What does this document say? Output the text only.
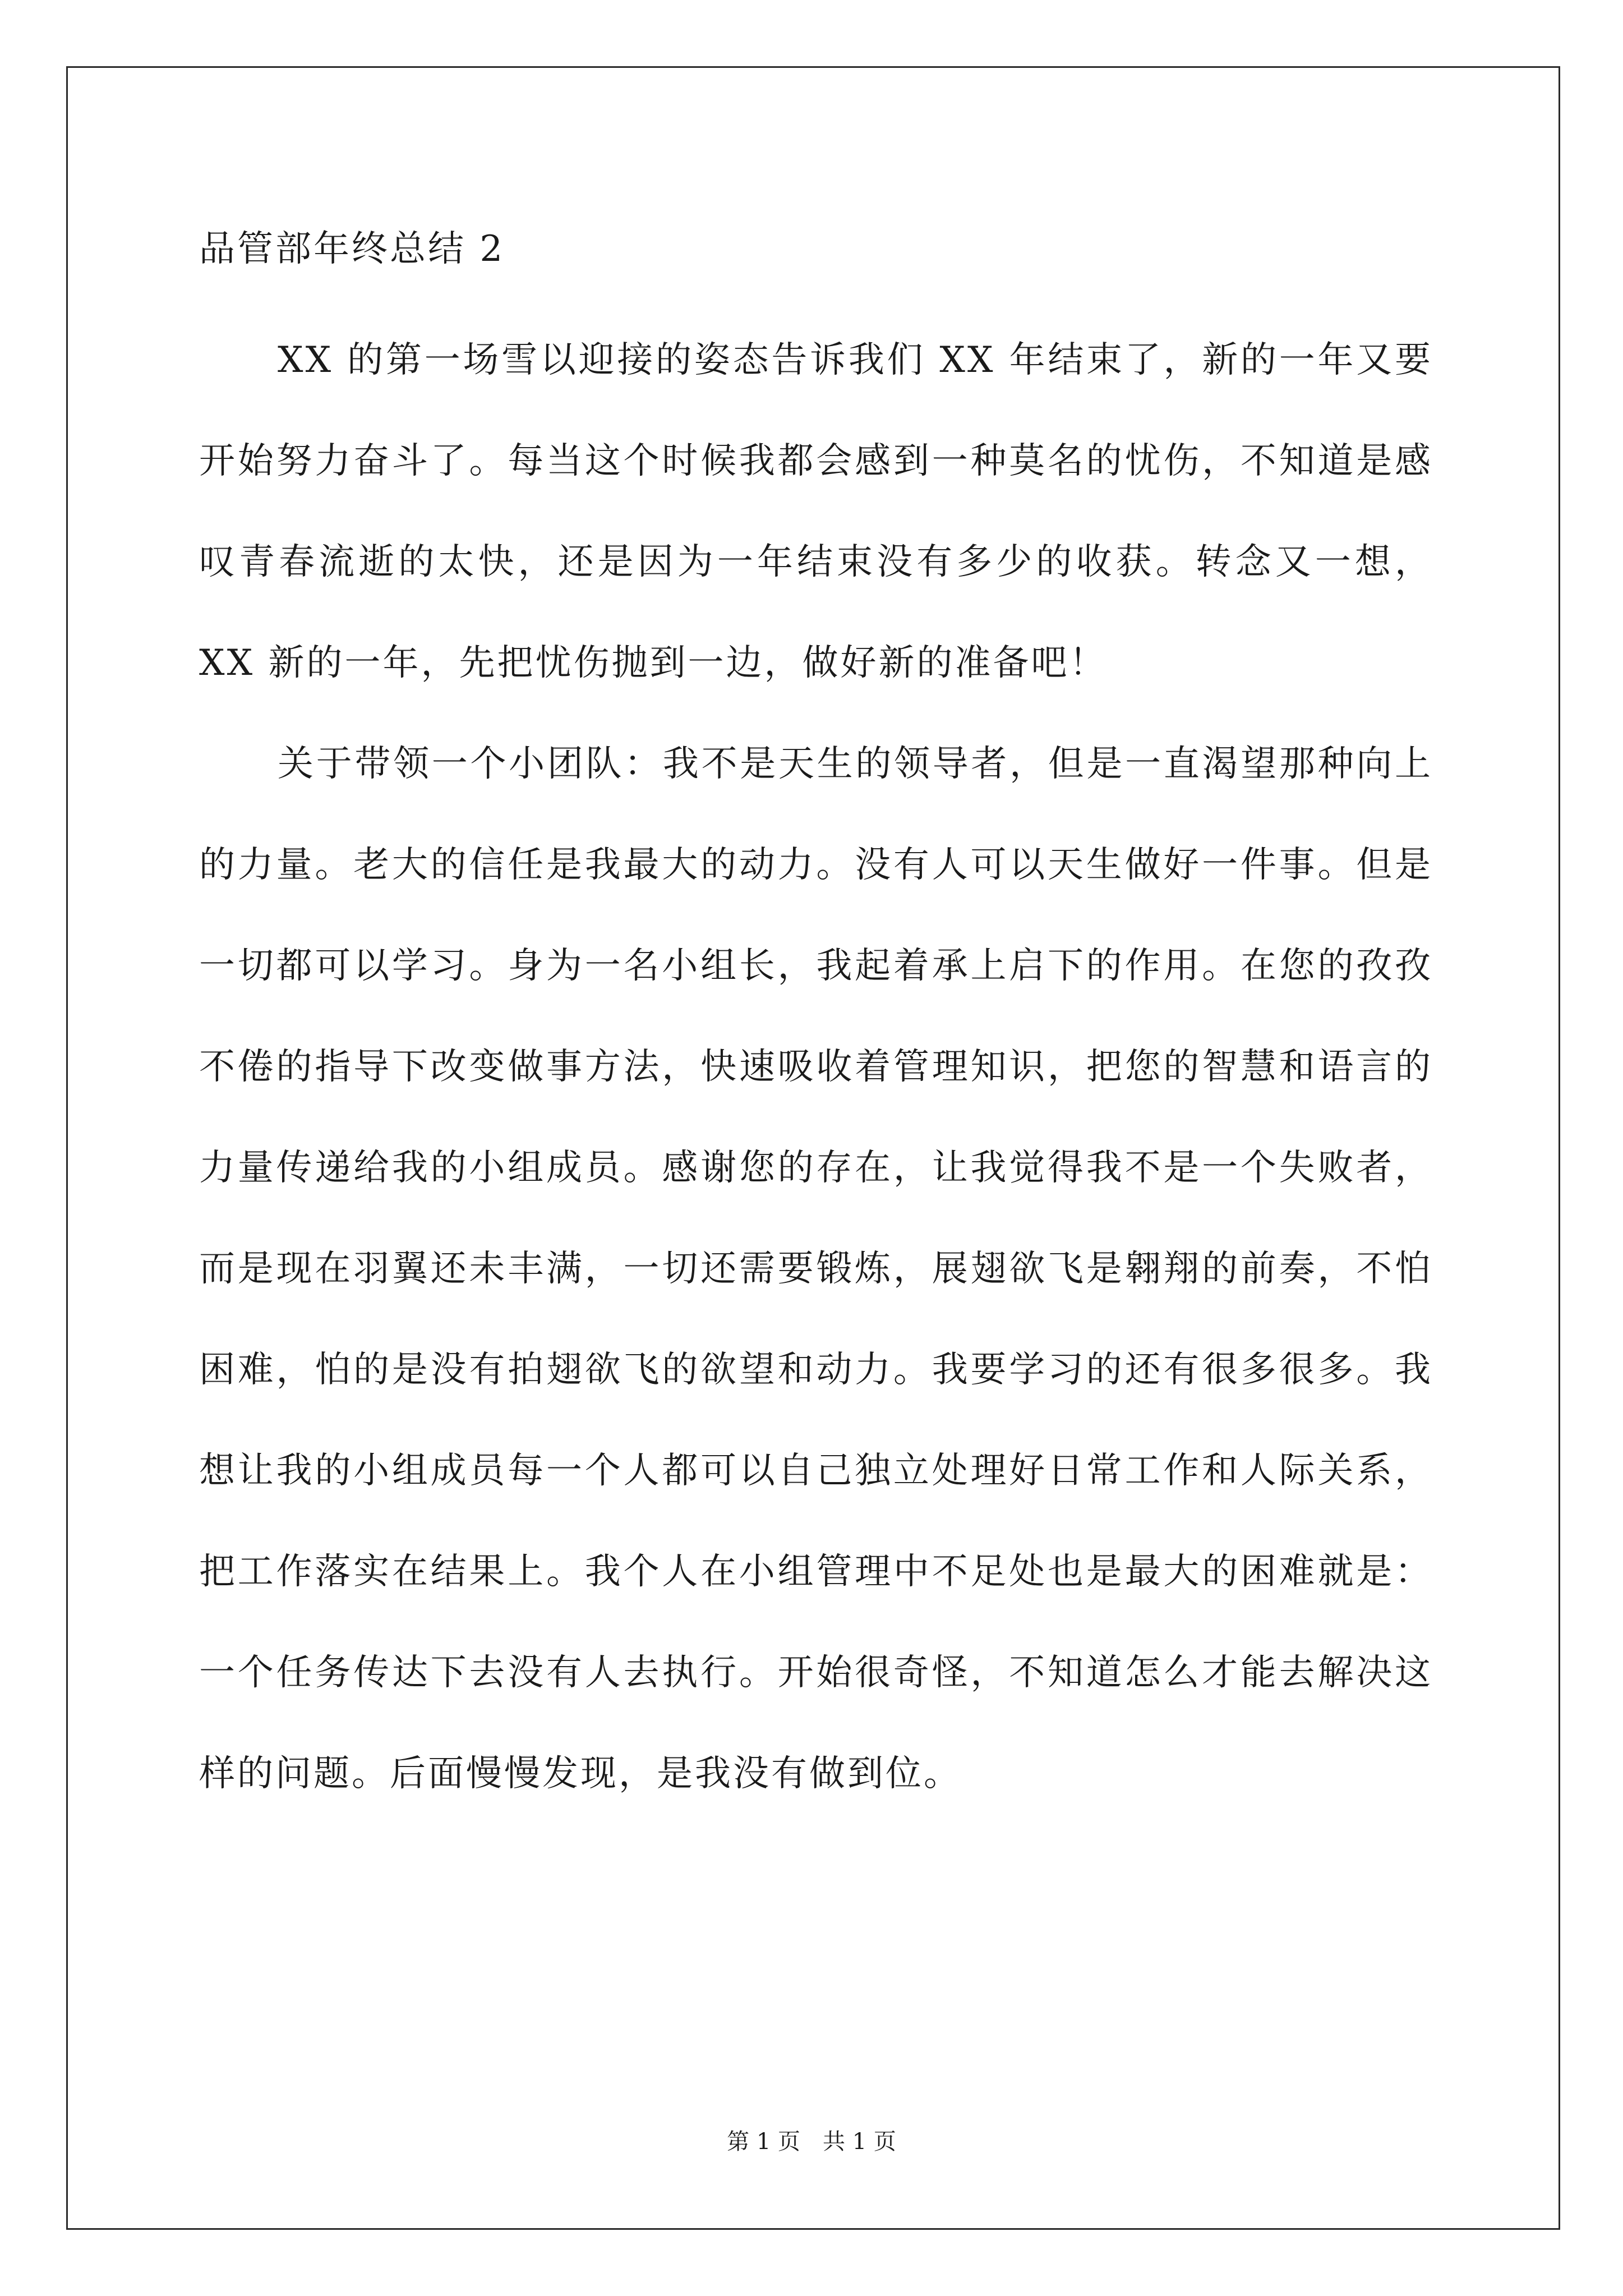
品管部年终总结 2

XX 的第一场雪以迎接的姿态告诉我们 XX 年结束了，新的一年又要开始努力奋斗了。每当这个时候我都会感到一种莫名的忧伤，不知道是感叹青春流逝的太快，还是因为一年结束没有多少的收获。转念又一想，XX 新的一年，先把忧伤抛到一边，做好新的准备吧！

关于带领一个小团队：我不是天生的领导者，但是一直渴望那种向上的力量。老大的信任是我最大的动力。没有人可以天生做好一件事。但是一切都可以学习。身为一名小组长，我起着承上启下的作用。在您的孜孜不倦的指导下改变做事方法，快速吸收着管理知识，把您的智慧和语言的力量传递给我的小组成员。感谢您的存在，让我觉得我不是一个失败者，而是现在羽翼还未丰满，一切还需要锻炼，展翅欲飞是翱翔的前奏，不怕困难，怕的是没有拍翅欲飞的欲望和动力。我要学习的还有很多很多。我想让我的小组成员每一个人都可以自己独立处理好日常工作和人际关系，把工作落实在结果上。我个人在小组管理中不足处也是最大的困难就是：一个任务传达下去没有人去执行。开始很奇怪，不知道怎么才能去解决这样的问题。后面慢慢发现，是我没有做到位。

第 1 页　共 1 页
